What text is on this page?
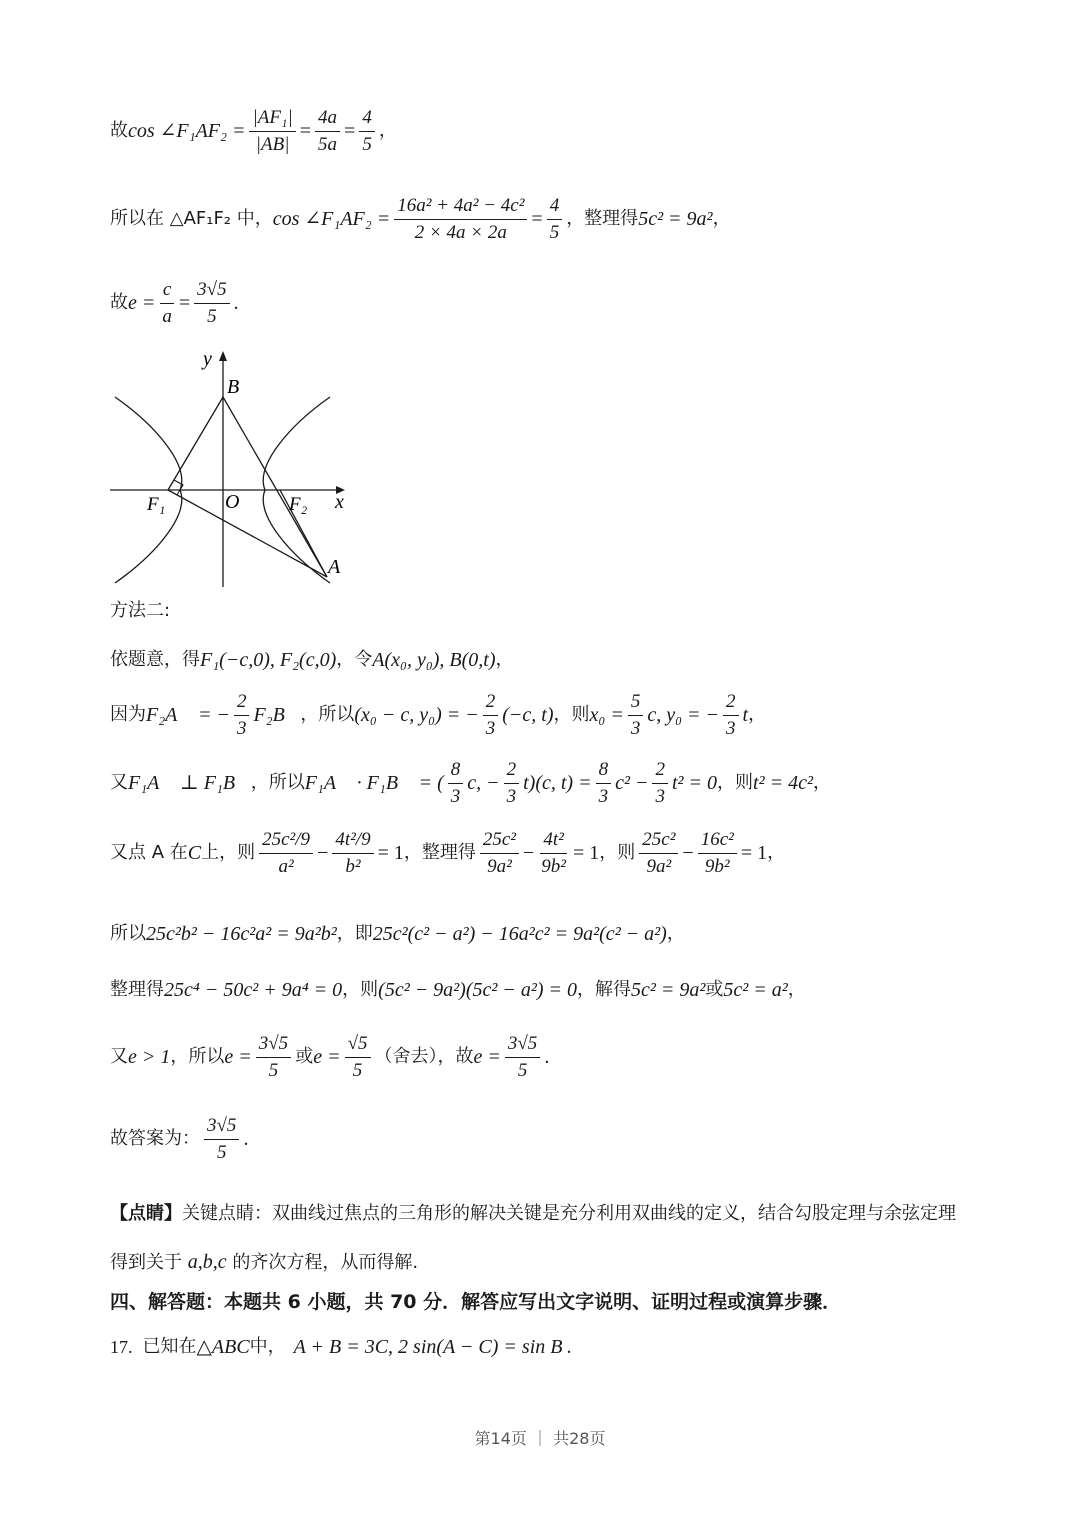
故 cos ∠F₁AF₂ = $\frac{\text{|AF₁|}}{|AB|} = \frac{4a}{5a} = \frac{4}{5}$ ，
所以在 △AF₁F₂ 中， cos ∠F₁AF₂ = $\frac{\text{16a² + 4a² − 4c²}}{2 \times 4a \times 2a} = \frac{4}{5}$ ，整理得 5c² = 9a² ，
故 $e = \frac{c}{a} = \frac{3√5}{5}$ .
y
B
F₁	O	F₂ x
A
方法二:
依题意，得 F₁(−c,0), F₂(c,0) ，令 A(x₀, y₀), B(0,t) ，
因为 F₂A⃗ = − $\frac{2}{3}$ F₂B⃗ ，所以 (x₀ − c, y₀) = − $\frac{2}{3} (-c$, t) ，则 $x_0 = \frac{5}{3} c$, y₀ = − $\frac{2}{3}$ t ，
又 F₁A⃗ ⊥ F₁B⃗ ，所以 F₁A⃗ · F₁B⃗ = ( $\frac{8}{3} c$, − $\frac{2}{3} t)(c$, $t) = \frac{8}{3} c^2 - \frac{2}{3} t^2 = 0$ ，则 t² = 4c² ，
又点 A 在 C 上，则 $\frac{\text{25c²/9}}{\text{a²}} - \frac{\text{4t²/9}}{\text{b²}} = 1$ ，整理得 $\frac{\text{25c²}}{\text{9a²}} - \frac{\text{4t²}}{\text{9b²}} = 1$ ，则 $\frac{\text{25c²}}{\text{9a²}} - \frac{\text{16c²}}{\text{9b²}} = 1$ ，
所以 25c²b² − 16c²a² = 9a²b² ，即 25c²(c² − a²) − 16a²c² = 9a²(c² − a²) ，
整理得 25c⁴ − 50c² + 9a⁴ = 0 ，则 (5c² − 9a²)(5c² − a²) = 0 ，解得 5c² = 9a² 或 5c² = a² ，
又 e > 1 ，所以 $e = \frac{3√5}{5}$ 或 $e = \frac{√5}{5}$ （舍去），故 $e = \frac{3√5}{5}$ .
故答案为： $\frac{3√5}{5}$ .
【点睛】关键点睛：双曲线过焦点的三角形的解决关键是充分利用双曲线的定义，结合勾股定理与余弦定理
得到关于 a,b,c 的齐次方程，从而得解.
四、解答题：本题共 6 小题，共 70 分．解答应写出文字说明、证明过程或演算步骤．
17. 已知在 △ABC 中， A + B = 3C, 2 sin(A − C) = sin B .
第14页 ｜ 共28页
